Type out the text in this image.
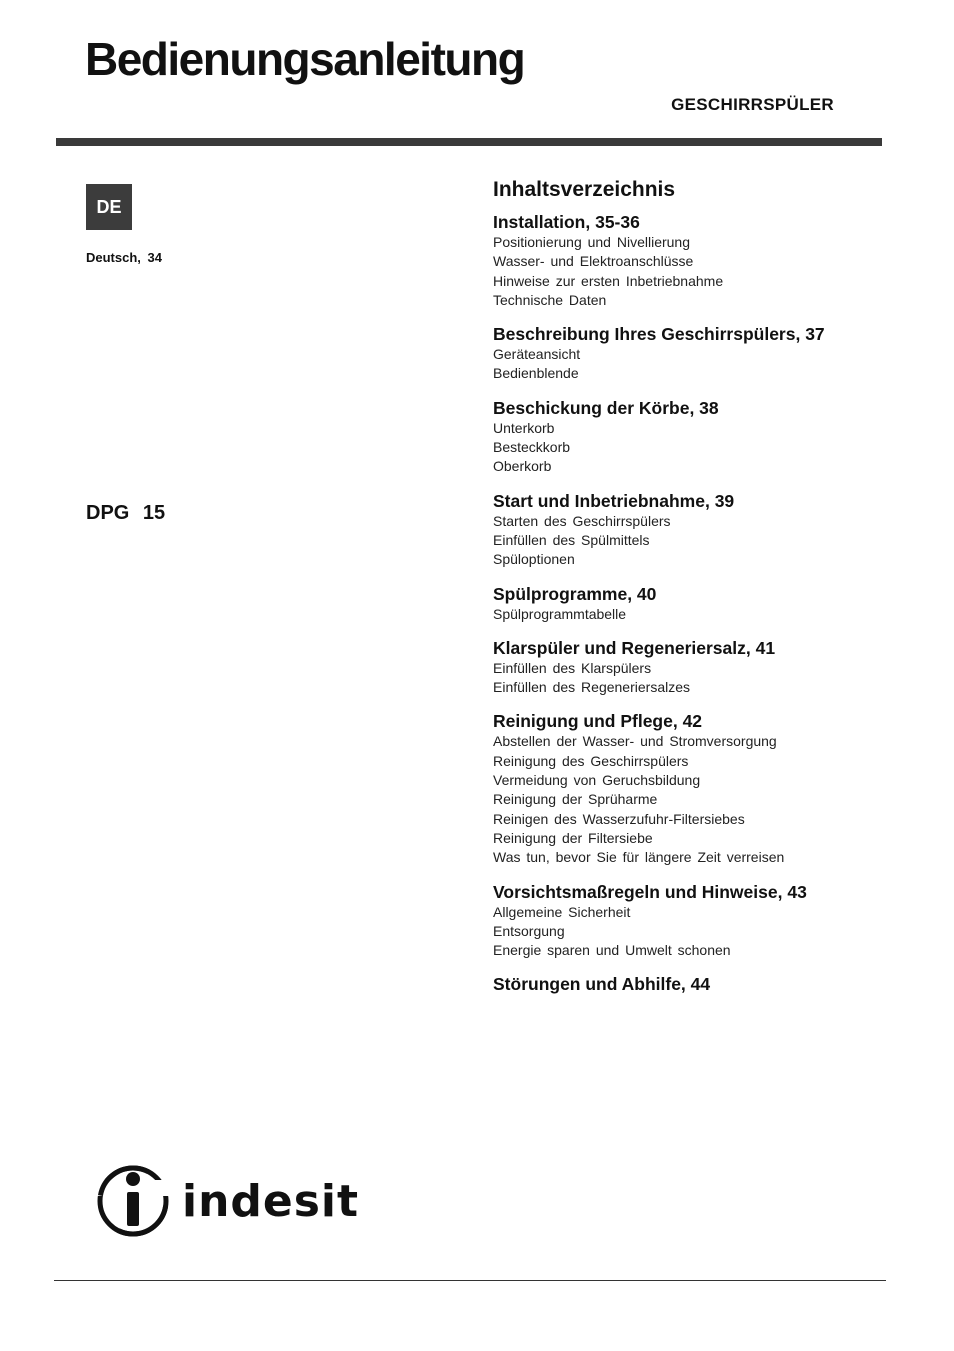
Bedienungsanleitung
GESCHIRRSPÜLER
DE
Deutsch, 34
DPG 15
Inhaltsverzeichnis
Installation, 35-36
Positionierung und Nivellierung
Wasser- und Elektroanschlüsse
Hinweise zur ersten Inbetriebnahme
Technische Daten
Beschreibung Ihres Geschirrspülers, 37
Geräteansicht
Bedienblende
Beschickung der Körbe, 38
Unterkorb
Besteckkorb
Oberkorb
Start und Inbetriebnahme, 39
Starten des Geschirrspülers
Einfüllen des Spülmittels
Spüloptionen
Spülprogramme, 40
Spülprogrammtabelle
Klarspüler und Regeneriersalz, 41
Einfüllen des Klarspülers
Einfüllen des Regeneriersalzes
Reinigung und Pflege, 42
Abstellen der Wasser- und Stromversorgung
Reinigung des Geschirrspülers
Vermeidung von Geruchsbildung
Reinigung der Sprüharme
Reinigen des Wasserzufuhr-Filtersiebes
Reinigung der Filtersiebe
Was tun, bevor Sie für längere Zeit verreisen
Vorsichtsmaßregeln und Hinweise, 43
Allgemeine Sicherheit
Entsorgung
Energie sparen und Umwelt schonen
Störungen und Abhilfe, 44
indesit
